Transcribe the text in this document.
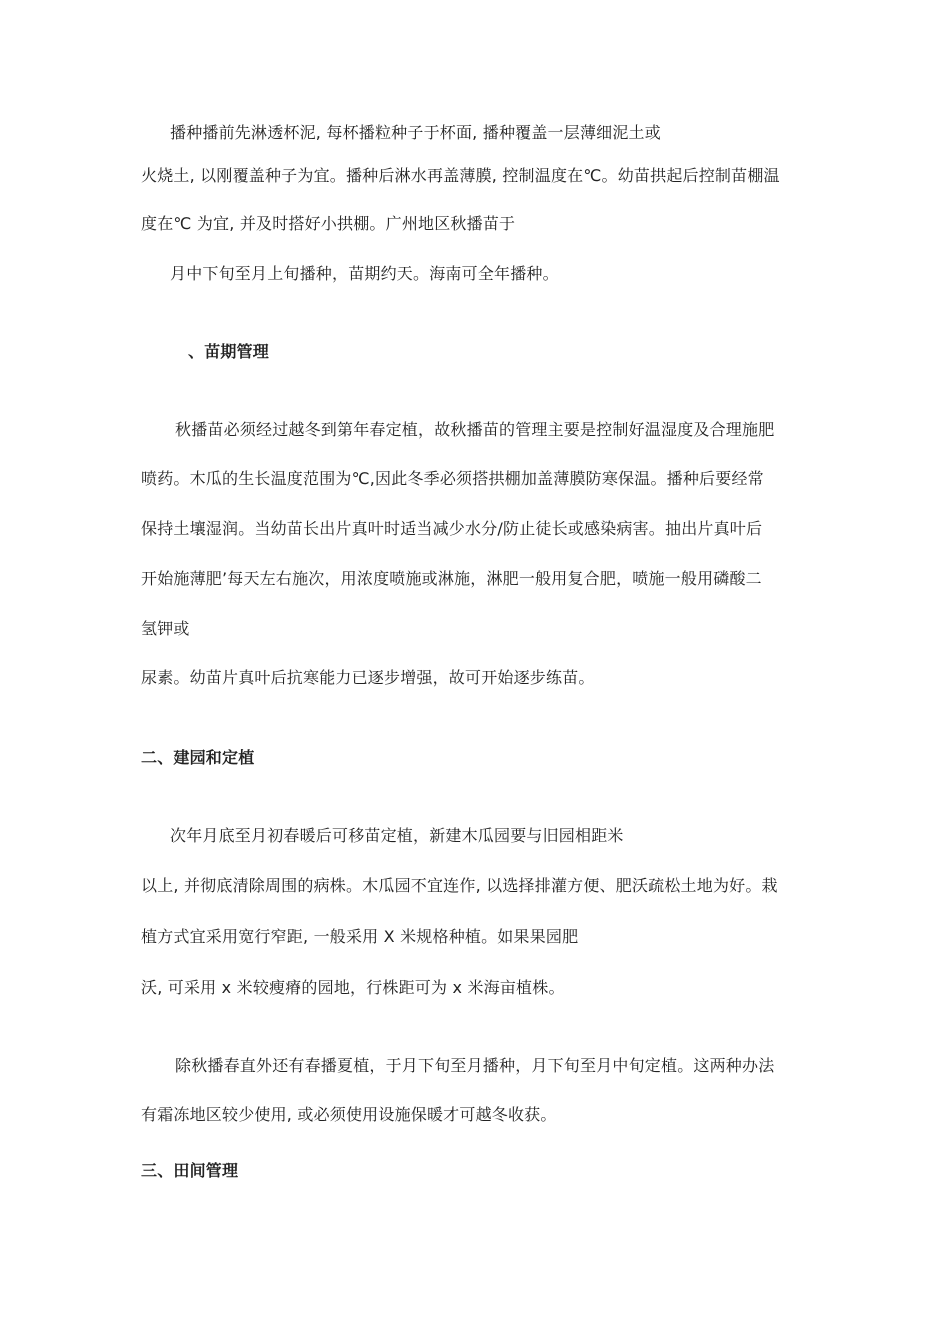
播种播前先淋透杯泥, 每杯播粒种子于杯面, 播种覆盖一层薄细泥土或
火烧土, 以刚覆盖种子为宜。播种后淋水再盖薄膜, 控制温度在℃。幼苗拱起后控制苗棚温
度在℃ 为宜, 并及时搭好小拱棚。广州地区秋播苗于
月中下旬至月上旬播种，苗期约天。海南可全年播种。
、苗期管理
秋播苗必须经过越冬到第年春定植，故秋播苗的管理主要是控制好温湿度及合理施肥
喷药。木瓜的生长温度范围为℃,因此冬季必须搭拱棚加盖薄膜防寒保温。播种后要经常
保持土壤湿润。当幼苗长出片真叶时适当减少水分/防止徒长或感染病害。抽出片真叶后
开始施薄肥’每天左右施次，用浓度喷施或淋施，淋肥一般用复合肥，喷施一般用磷酸二
氢钾或
尿素。幼苗片真叶后抗寒能力已逐步增强，故可开始逐步练苗。
二、建园和定植
次年月底至月初春暖后可移苗定植，新建木瓜园要与旧园相距米
以上, 并彻底清除周围的病株。木瓜园不宜连作, 以选择排灌方便、肥沃疏松土地为好。栽
植方式宜采用宽行窄距, 一般采用 X 米规格种植。如果果园肥
沃, 可采用 x 米较瘦瘠的园地，行株距可为 x 米海亩植株。
除秋播春直外还有春播夏植，于月下旬至月播种，月下旬至月中旬定植。这两种办法
有霜冻地区较少使用, 或必须使用设施保暖才可越冬收获。
三、田间管理
